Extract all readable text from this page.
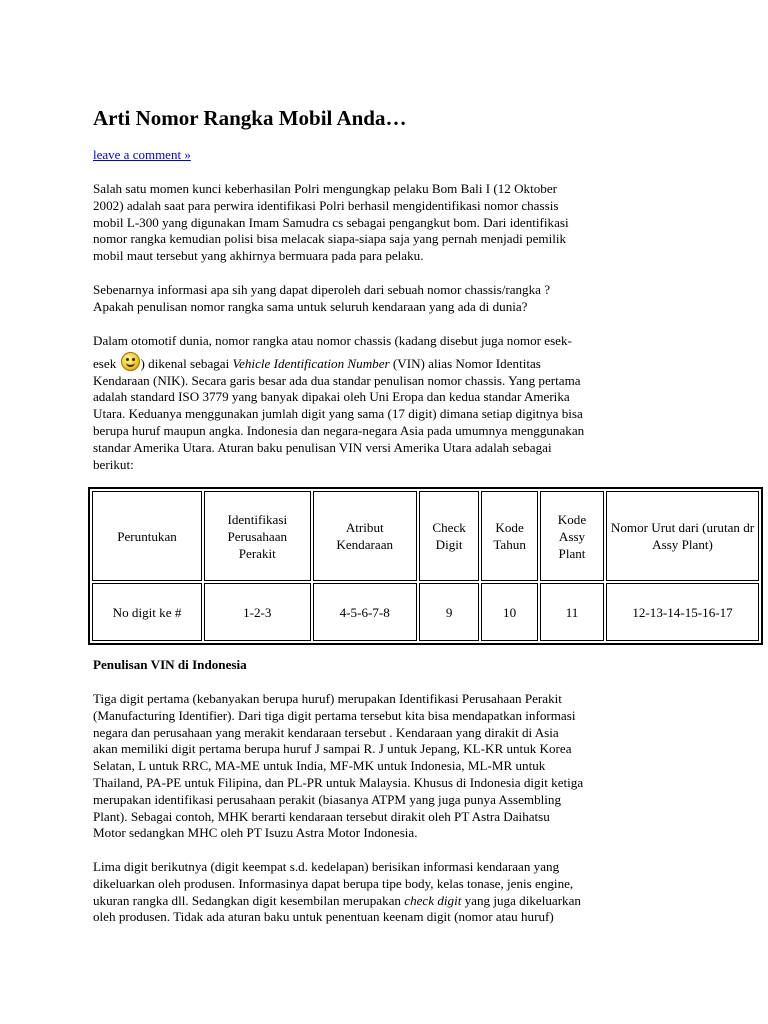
Arti Nomor Rangka Mobil Anda…
leave a comment »
Salah satu momen kunci keberhasilan Polri mengungkap pelaku Bom Bali I (12 Oktober
2002) adalah saat para perwira identifikasi Polri berhasil mengidentifikasi nomor chassis
mobil L-300 yang digunakan Imam Samudra cs sebagai pengangkut bom. Dari identifikasi
nomor rangka kemudian polisi bisa melacak siapa-siapa saja yang pernah menjadi pemilik
mobil maut tersebut yang akhirnya bermuara pada para pelaku.
Sebenarnya informasi apa sih yang dapat diperoleh dari sebuah nomor chassis/rangka ?
Apakah penulisan nomor rangka sama untuk seluruh kendaraan yang ada di dunia?
Dalam otomotif dunia, nomor rangka atau nomor chassis (kadang disebut juga nomor esek-
esek ) dikenal sebagai Vehicle Identification Number (VIN) alias Nomor Identitas
Kendaraan (NIK). Secara garis besar ada dua standar penulisan nomor chassis. Yang pertama
adalah standard ISO 3779 yang banyak dipakai oleh Uni Eropa dan kedua standar Amerika
Utara. Keduanya menggunakan jumlah digit yang sama (17 digit) dimana setiap digitnya bisa
berupa huruf maupun angka. Indonesia dan negara-negara Asia pada umumnya menggunakan
standar Amerika Utara. Aturan baku penulisan VIN versi Amerika Utara adalah sebagai
berikut:
Peruntukan	Identifikasi Perusahaan Perakit	Atribut Kendaraan	Check Digit	Kode Tahun	Kode Assy Plant	Nomor Urut dari (urutan dr Assy Plant)
No digit ke #	1-2-3	4-5-6-7-8	9	10	11	12-13-14-15-16-17
Penulisan VIN di Indonesia
Tiga digit pertama (kebanyakan berupa huruf) merupakan Identifikasi Perusahaan Perakit
(Manufacturing Identifier). Dari tiga digit pertama tersebut kita bisa mendapatkan informasi
negara dan perusahaan yang merakit kendaraan tersebut . Kendaraan yang dirakit di Asia
akan memiliki digit pertama berupa huruf J sampai R. J untuk Jepang, KL-KR untuk Korea
Selatan, L untuk RRC, MA-ME untuk India, MF-MK untuk Indonesia, ML-MR untuk
Thailand, PA-PE untuk Filipina, dan PL-PR untuk Malaysia. Khusus di Indonesia digit ketiga
merupakan identifikasi perusahaan perakit (biasanya ATPM yang juga punya Assembling
Plant). Sebagai contoh, MHK berarti kendaraan tersebut dirakit oleh PT Astra Daihatsu
Motor sedangkan MHC oleh PT Isuzu Astra Motor Indonesia.
Lima digit berikutnya (digit keempat s.d. kedelapan) berisikan informasi kendaraan yang
dikeluarkan oleh produsen. Informasinya dapat berupa tipe body, kelas tonase, jenis engine,
ukuran rangka dll. Sedangkan digit kesembilan merupakan check digit yang juga dikeluarkan
oleh produsen. Tidak ada aturan baku untuk penentuan keenam digit (nomor atau huruf)
